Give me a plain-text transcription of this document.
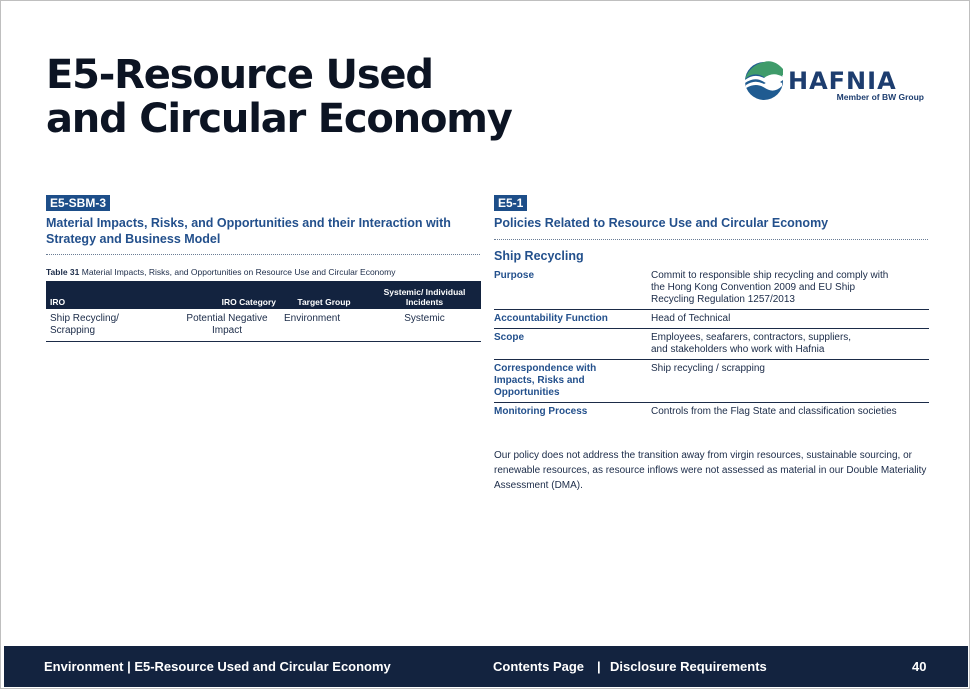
E5-Resource Used
and Circular Economy
HAFNIA
Member of BW Group
E5-SBM-3
Material Impacts, Risks, and Opportunities and their Interaction with
Strategy and Business Model
Table 31 Material Impacts, Risks, and Opportunities on Resource Use and Circular Economy
IRO	IRO Category	Target Group	Systemic/ Individual Incidents
Ship Recycling/ Scrapping	Potential Negative Impact	Environment	Systemic
E5-1
Policies Related to Resource Use and Circular Economy
Ship Recycling
Purpose	Commit to responsible ship recycling and comply with the Hong Kong Convention 2009 and EU Ship Recycling Regulation 1257/2013
Accountability Function	Head of Technical
Scope	Employees, seafarers, contractors, suppliers, and stakeholders who work with Hafnia
Correspondence with Impacts, Risks and Opportunities	Ship recycling / scrapping
Monitoring Process	Controls from the Flag State and classification societies
Our policy does not address the transition away from virgin resources, sustainable sourcing, or renewable resources, as resource inflows were not assessed as material in our Double Materiality Assessment (DMA).
Environment | E5-Resource Used and Circular Economy	Contents Page | Disclosure Requirements	40
